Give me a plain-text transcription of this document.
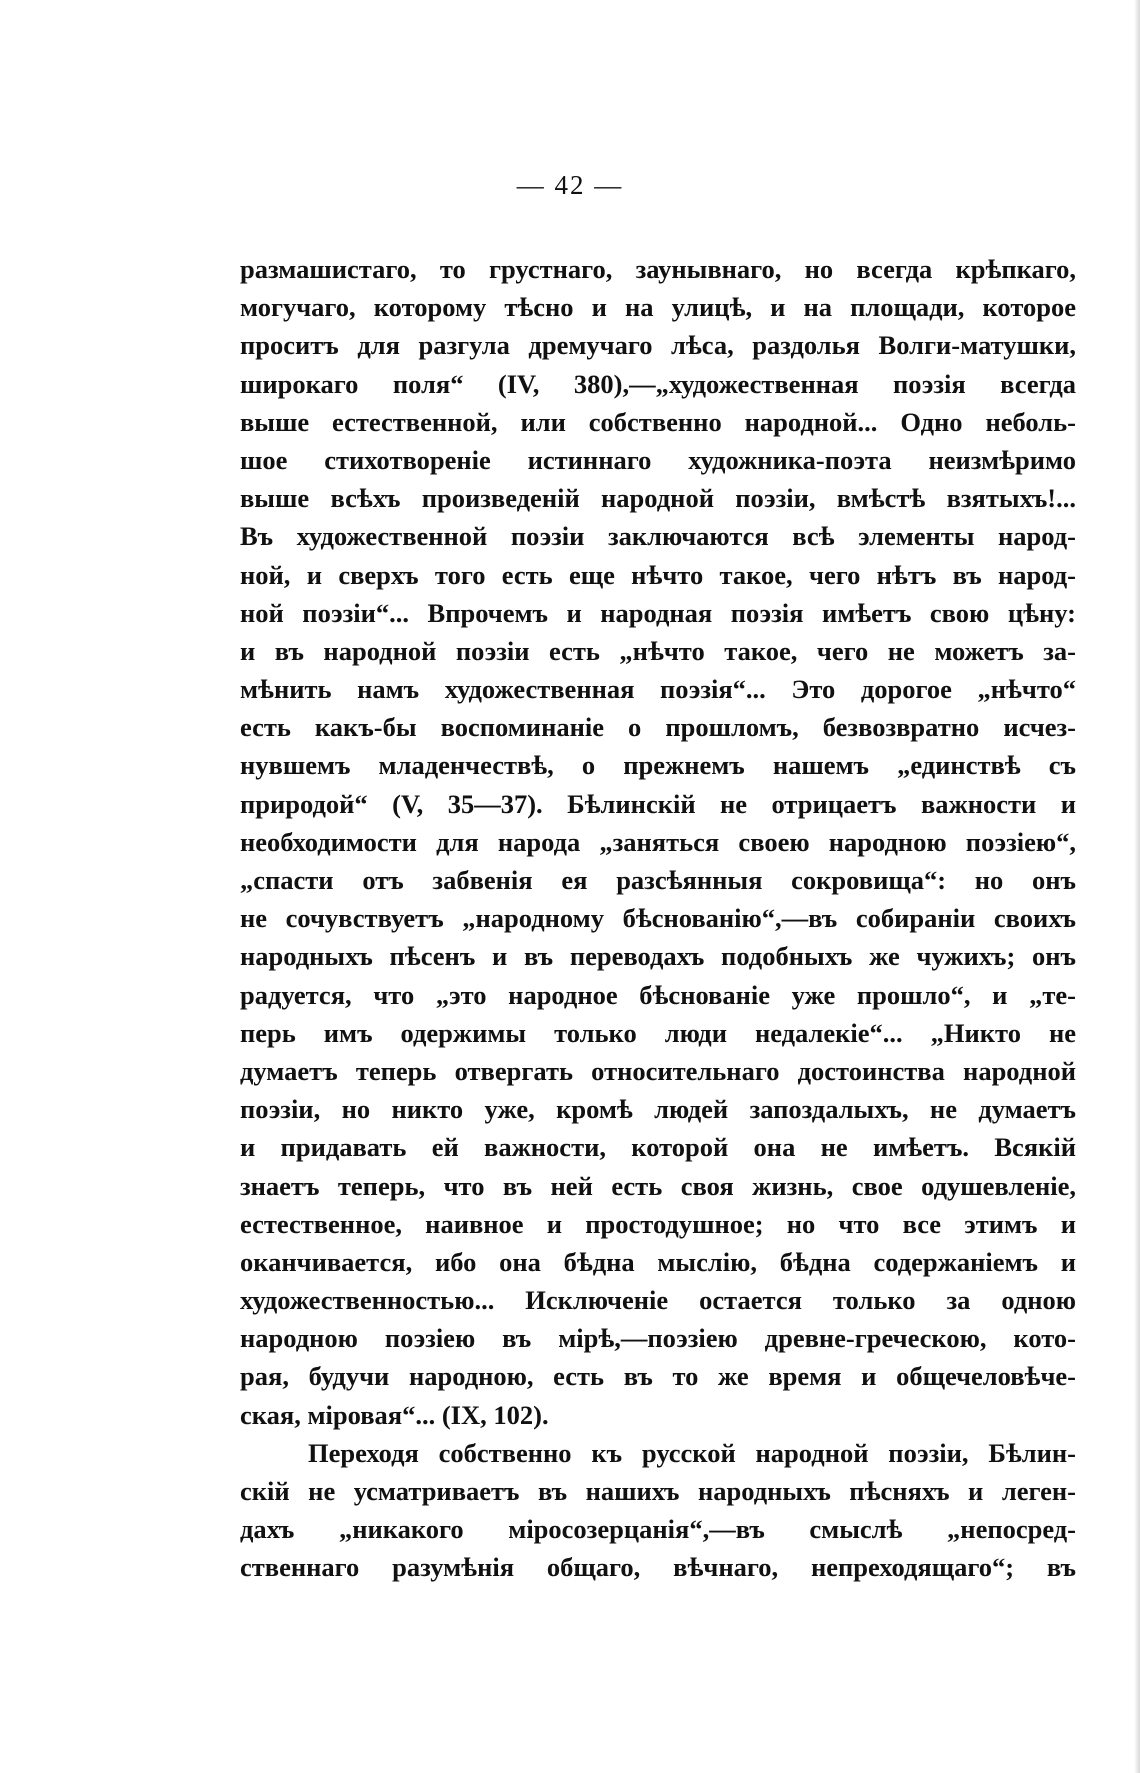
— 42 —
размашистаго, то грустнаго, заунывнаго, но всегда крѣпкаго,
могучаго, которому тѣсно и на улицѣ, и на площади, которое
проситъ для разгула дремучаго лѣса, раздолья Волги-матушки,
широкаго поля“ (IV, 380),—„художественная поэзія всегда
выше естественной, или собственно народной... Одно неболь-
шое стихотвореніе истиннаго художника-поэта неизмѣримо
выше всѣхъ произведеній народной поэзіи, вмѣстѣ взятыхъ!...
Въ художественной поэзіи заключаются всѣ элементы народ-
ной, и сверхъ того есть еще нѣчто такое, чего нѣтъ въ народ-
ной поэзіи“... Впрочемъ и народная поэзія имѣетъ свою цѣну:
и въ народной поэзіи есть „нѣчто такое, чего не можетъ за-
мѣнить намъ художественная поэзія“... Это дорогое „нѣчто“
есть какъ-бы воспоминаніе о прошломъ, безвозвратно исчез-
нувшемъ младенчествѣ, о прежнемъ нашемъ „единствѣ съ
природой“ (V, 35—37). Бѣлинскій не отрицаетъ важности и
необходимости для народа „заняться своею народною поэзіею“,
„спасти отъ забвенія ея разсѣянныя сокровища“: но онъ
не сочувствуетъ „народному бѣснованію“,—въ собираніи своихъ
народныхъ пѣсенъ и въ переводахъ подобныхъ же чужихъ; онъ
радуется, что „это народное бѣснованіе уже прошло“, и „те-
перь имъ одержимы только люди недалекіе“... „Никто не
думаетъ теперь отвергать относительнаго достоинства народной
поэзіи, но никто уже, кромѣ людей запоздалыхъ, не думаетъ
и придавать ей важности, которой она не имѣетъ. Всякій
знаетъ теперь, что въ ней есть своя жизнь, свое одушевленіе,
естественное, наивное и простодушное; но что все этимъ и
оканчивается, ибо она бѣдна мыслію, бѣдна содержаніемъ и
художественностью... Исключеніе остается только за одною
народною поэзіею въ мірѣ,—поэзіею древне-греческою, кото-
рая, будучи народною, есть въ то же время и общечеловѣче-
ская, міровая“... (IX, 102).
Переходя собственно къ русской народной поэзіи, Бѣлин-
скій не усматриваетъ въ нашихъ народныхъ пѣсняхъ и леген-
дахъ „никакого міросозерцанія“,—въ смыслѣ „непосред-
ственнаго разумѣнія общаго, вѣчнаго, непреходящаго“; въ
